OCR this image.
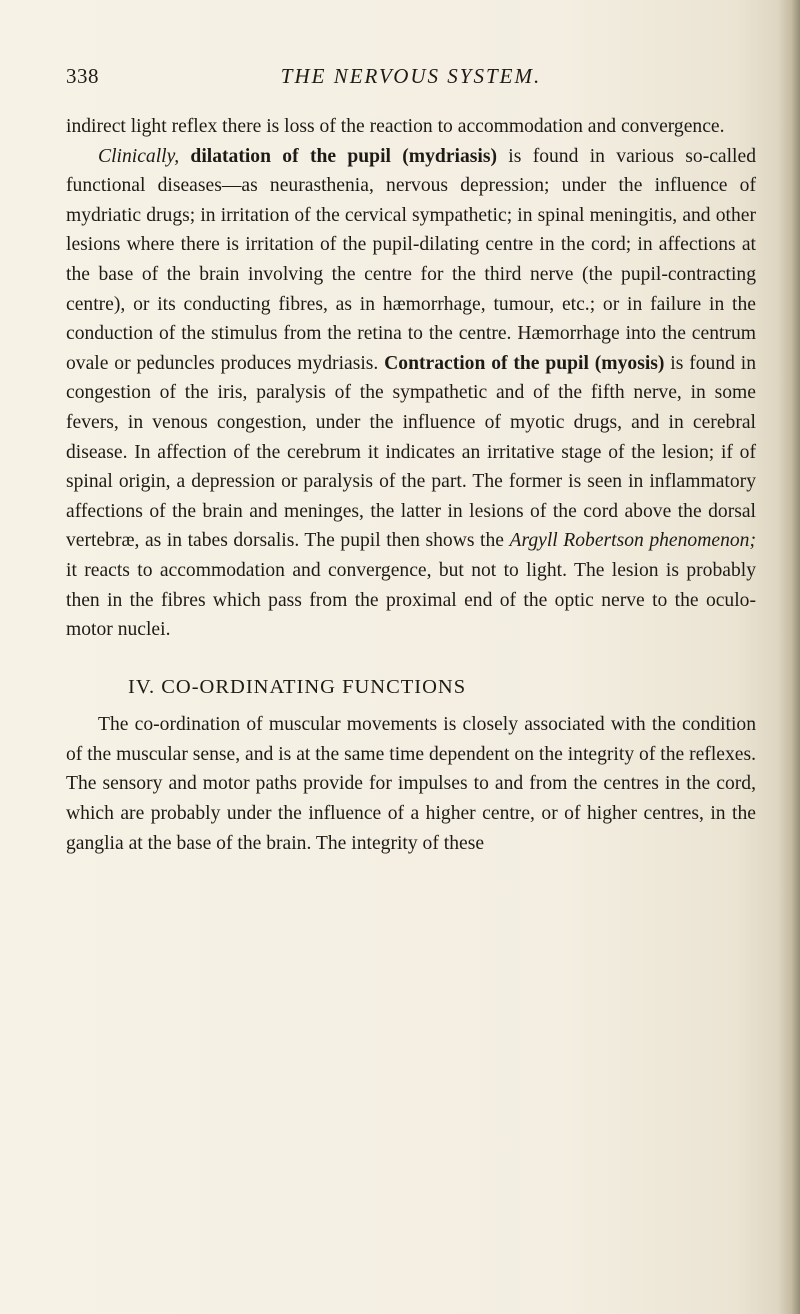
338	THE NERVOUS SYSTEM.

indirect light reflex there is loss of the reaction to accommodation and convergence.

Clinically, dilatation of the pupil (mydriasis) is found in various so-called functional diseases—as neurasthenia, nervous depression; under the influence of mydriatic drugs; in irritation of the cervical sympathetic; in spinal meningitis, and other lesions where there is irritation of the pupil-dilating centre in the cord; in affections at the base of the brain involving the centre for the third nerve (the pupil-contracting centre), or its conducting fibres, as in hæmorrhage, tumour, etc.; or in failure in the conduction of the stimulus from the retina to the centre. Hæmorrhage into the centrum ovale or peduncles produces mydriasis. Contraction of the pupil (myosis) is found in congestion of the iris, paralysis of the sympathetic and of the fifth nerve, in some fevers, in venous congestion, under the influence of myotic drugs, and in cerebral disease. In affection of the cerebrum it indicates an irritative stage of the lesion; if of spinal origin, a depression or paralysis of the part. The former is seen in inflammatory affections of the brain and meninges, the latter in lesions of the cord above the dorsal vertebræ, as in tabes dorsalis. The pupil then shows the Argyll Robertson phenomenon; it reacts to accommodation and convergence, but not to light. The lesion is probably then in the fibres which pass from the proximal end of the optic nerve to the oculo-motor nuclei.

IV. CO-ORDINATING FUNCTIONS

The co-ordination of muscular movements is closely associated with the condition of the muscular sense, and is at the same time dependent on the integrity of the reflexes. The sensory and motor paths provide for impulses to and from the centres in the cord, which are probably under the influence of a higher centre, or of higher centres, in the ganglia at the base of the brain. The integrity of these
